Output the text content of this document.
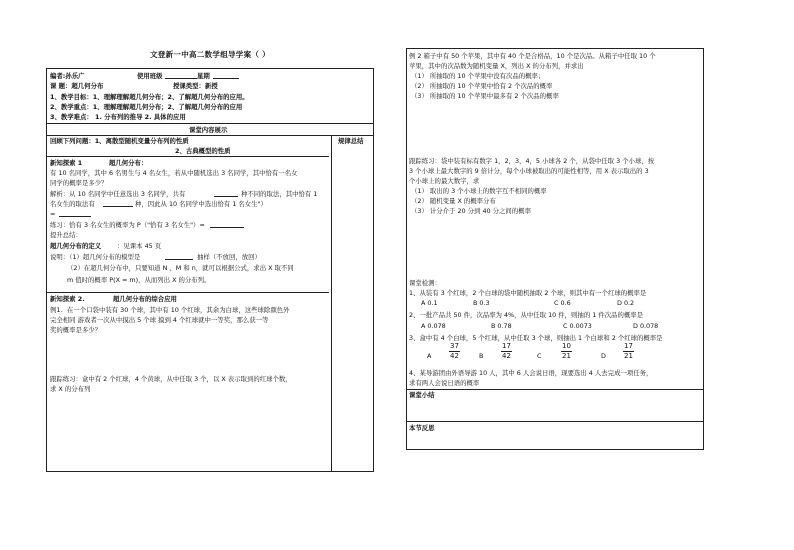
文登新一中高二数学组导学案（ ）
编者:孙乐广	使用班级	星期
课 题：超几何分布	授课类型：新授
1、教学目标：1、理解理解超几何分布；2、了解超几何分布的应用。
2、教学重点：1、理解理解超几何分布；2、了解超几何分布的应用
3、教学难点： 1. 分布列的推导 2. 具体的应用
课堂内容展示
规律总结
回顾下列问题：1、离散型随机变量分布列的性质
2、古典概型的性质
新知探索 1	超几何分布：
有 10 名同学，其中 6 名男生与 4 名女生，若从中随机选出 3 名同学，其中恰有一名女
同学的概率是多少？
解析：从 10 名同学中任意选出 3 名同学，共有	种不同的取法，其中恰有 1
名女生的取法有	种，因此从 10 名同学中选出恰有 1 名女生"）
=
练习：恰有 3 名女生的概率为 P（"恰有 3 名女生"）=
提升总结：
超几何分布的定义 ：见课本 45 页
说明：（1）超几何分布的模型是	抽样（不放回，放回）
（2）在超几何分布中，只要知道 N 、M 和 n，就可以根据公式，求出 X 取不同
m 值时的概率 P(X = m)，从而列出 X 的分布列。
新知探索 2.	超几何分布的综合应用
例1. 在一个口袋中装有 30 个球，其中有 10 个红球，其余为白球，这些球除颜色外
完全相同 游戏者一次从中摸出 5 个球 摸到 4 个红球就中一等奖，那么获一等
奖的概率是多少？
跟踪练习：盒中有 2 个红球，4 个黄球，从中任取 3 个，以 X 表示取到的红球个数，
求 X 的分布列
例 2 箱子中有 50 个苹果，其中有 40 个是合格品，10 个是次品。从箱子中任取 10 个
苹果，其中的次品数为随机变量 X，列出 X 的分布列，并求出
（1） 所抽取的 10 个苹果中没有次品的概率；
（2） 所抽取的 10 个苹果中恰有 2 个次品的概率
（3） 所抽取的 10 个苹果中最多有 2 个次品的概率
跟踪练习：袋中装有标有数字 1，2，3，4，5 小球各 2 个，从袋中任取 3 个小球，按
3 个小球上最大数字的 9 倍计分，每个小球被取出的可能性相等，用 X 表示取出的 3
个小球上的最大数字，求
（1） 取出的 3 个小球上的数字互不相同的概率
（2） 随机变量 X 的概率分布
（3） 计分介于 20 分到 40 分之间的概率
课堂检测：
1、从装有 3 个红球，2 个白球的袋中随机抽取 2 个球，则其中有一个红球的概率是
A 0.1	B 0.3	C 0.6	D 0.2
2、一批产品共 50 件，次品率为 4%，从中任取 10 件，则抽的 1 件次品的概率是
A 0.078	B 0.78	C 0.0073	D 0.078
3、盒中有 4 个白球，5 个红球，从中任取 3 个球，则抽出 1 个白球和 2 个红球的概率是
A	$\frac{37}{42}$	B	$\frac{17}{42}$	C	$\frac{10}{21}$	D $\frac{17}{21}$
4、某导游团由外语导游 10 人，其中 6 人会说日语，现要选出 4 人去完成一项任务，
求有两人会说日语的概率
课堂小结
本节反思
